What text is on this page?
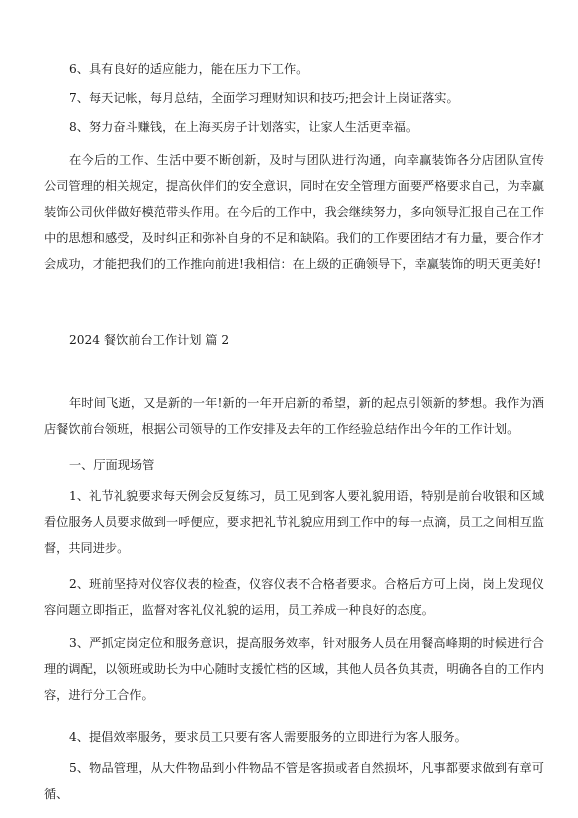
6、具有良好的适应能力，能在压力下工作。

7、每天记帐，每月总结，全面学习理财知识和技巧;把会计上岗证落实。

8、努力奋斗赚钱，在上海买房子计划落实，让家人生活更幸福。

在今后的工作、生活中要不断创新，及时与团队进行沟通，向幸赢装饰各分店团队宣传公司管理的相关规定，提高伙伴们的安全意识，同时在安全管理方面要严格要求自己，为幸赢装饰公司伙伴做好模范带头作用。在今后的工作中，我会继续努力，多向领导汇报自己在工作中的思想和感受，及时纠正和弥补自身的不足和缺陷。我们的工作要团结才有力量，要合作才会成功，才能把我们的工作推向前进!我相信：在上级的正确领导下，幸赢装饰的明天更美好!

2024 餐饮前台工作计划 篇 2

年时间飞逝，又是新的一年!新的一年开启新的希望，新的起点引领新的梦想。我作为酒店餐饮前台领班，根据公司领导的工作安排及去年的工作经验总结作出今年的工作计划。

一、厅面现场管

1、礼节礼貌要求每天例会反复练习，员工见到客人要礼貌用语，特别是前台收银和区域看位服务人员要求做到一呼便应，要求把礼节礼貌应用到工作中的每一点滴，员工之间相互监督，共同进步。

2、班前坚持对仪容仪表的检查，仪容仪表不合格者要求。合格后方可上岗，岗上发现仪容问题立即指正，监督对客礼仪礼貌的运用，员工养成一种良好的态度。

3、严抓定岗定位和服务意识，提高服务效率，针对服务人员在用餐高峰期的时候进行合理的调配，以领班或助长为中心随时支援忙档的区域，其他人员各负其责，明确各自的工作内容，进行分工合作。

4、提倡效率服务，要求员工只要有客人需要服务的立即进行为客人服务。

5、物品管理，从大件物品到小件物品不管是客损或者自然损坏，凡事都要求做到有章可循、
